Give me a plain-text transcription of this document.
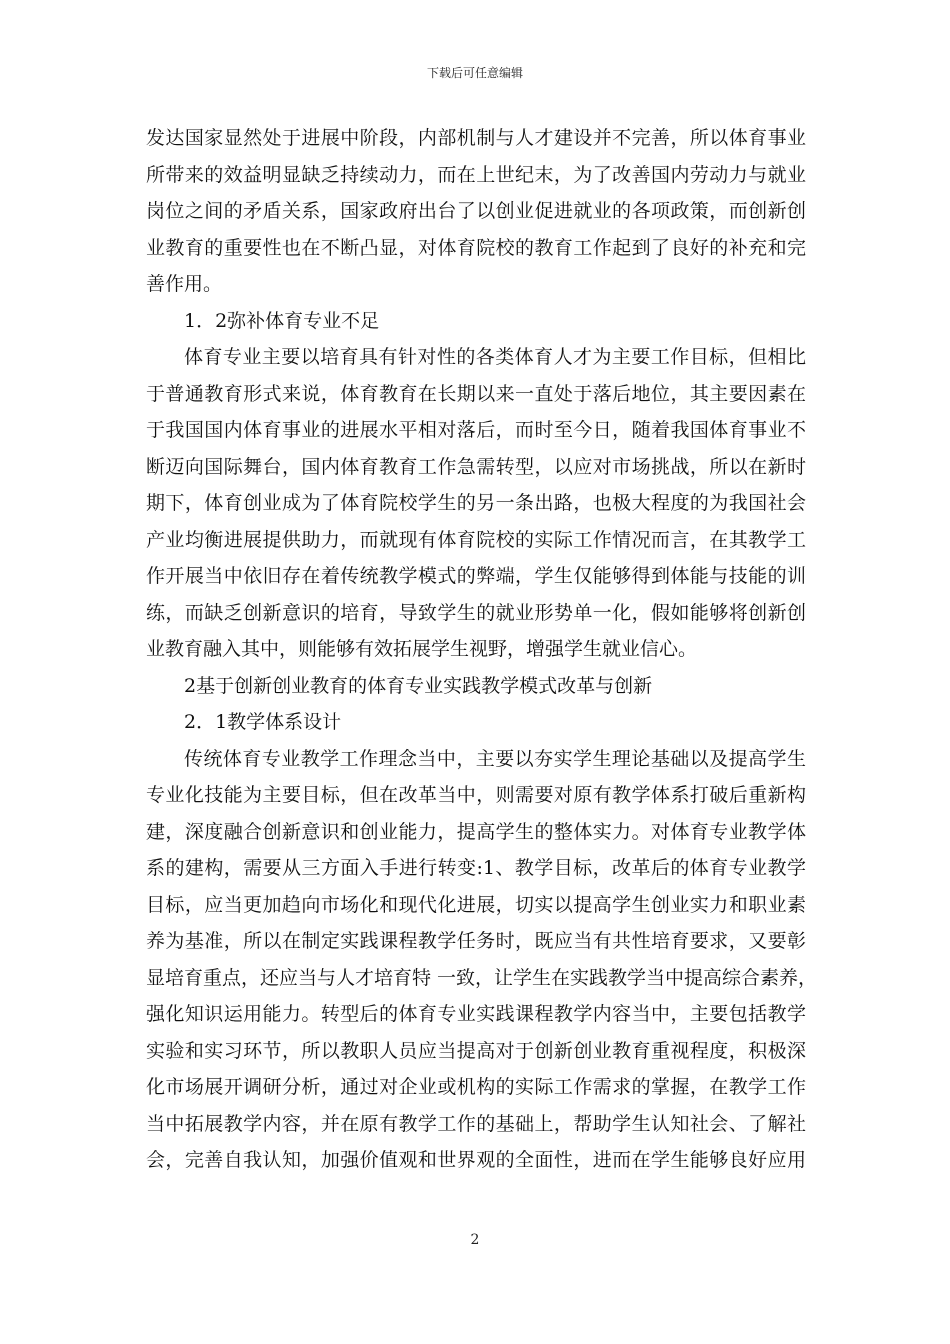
下载后可任意编辑
发达国家显然处于进展中阶段，内部机制与人才建设并不完善，所以体育事业
所带来的效益明显缺乏持续动力，而在上世纪末，为了改善国内劳动力与就业
岗位之间的矛盾关系，国家政府出台了以创业促进就业的各项政策，而创新创
业教育的重要性也在不断凸显，对体育院校的教育工作起到了良好的补充和完
善作用。
1．2弥补体育专业不足
体育专业主要以培育具有针对性的各类体育人才为主要工作目标，但相比
于普通教育形式来说，体育教育在长期以来一直处于落后地位，其主要因素在
于我国国内体育事业的进展水平相对落后，而时至今日，随着我国体育事业不
断迈向国际舞台，国内体育教育工作急需转型，以应对市场挑战，所以在新时
期下，体育创业成为了体育院校学生的另一条出路，也极大程度的为我国社会
产业均衡进展提供助力，而就现有体育院校的实际工作情况而言，在其教学工
作开展当中依旧存在着传统教学模式的弊端，学生仅能够得到体能与技能的训
练，而缺乏创新意识的培育，导致学生的就业形势单一化，假如能够将创新创
业教育融入其中，则能够有效拓展学生视野，增强学生就业信心。
2基于创新创业教育的体育专业实践教学模式改革与创新
2．1教学体系设计
传统体育专业教学工作理念当中，主要以夯实学生理论基础以及提高学生
专业化技能为主要目标，但在改革当中，则需要对原有教学体系打破后重新构
建，深度融合创新意识和创业能力，提高学生的整体实力。对体育专业教学体
系的建构，需要从三方面入手进行转变:1、教学目标，改革后的体育专业教学
目标，应当更加趋向市场化和现代化进展，切实以提高学生创业实力和职业素
养为基准，所以在制定实践课程教学任务时，既应当有共性培育要求，又要彰
显培育重点，还应当与人才培育特 一致，让学生在实践教学当中提高综合素养，
强化知识运用能力。转型后的体育专业实践课程教学内容当中，主要包括教学
实验和实习环节，所以教职人员应当提高对于创新创业教育重视程度，积极深
化市场展开调研分析，通过对企业或机构的实际工作需求的掌握，在教学工作
当中拓展教学内容，并在原有教学工作的基础上，帮助学生认知社会、了解社
会，完善自我认知，加强价值观和世界观的全面性，进而在学生能够良好应用
2
